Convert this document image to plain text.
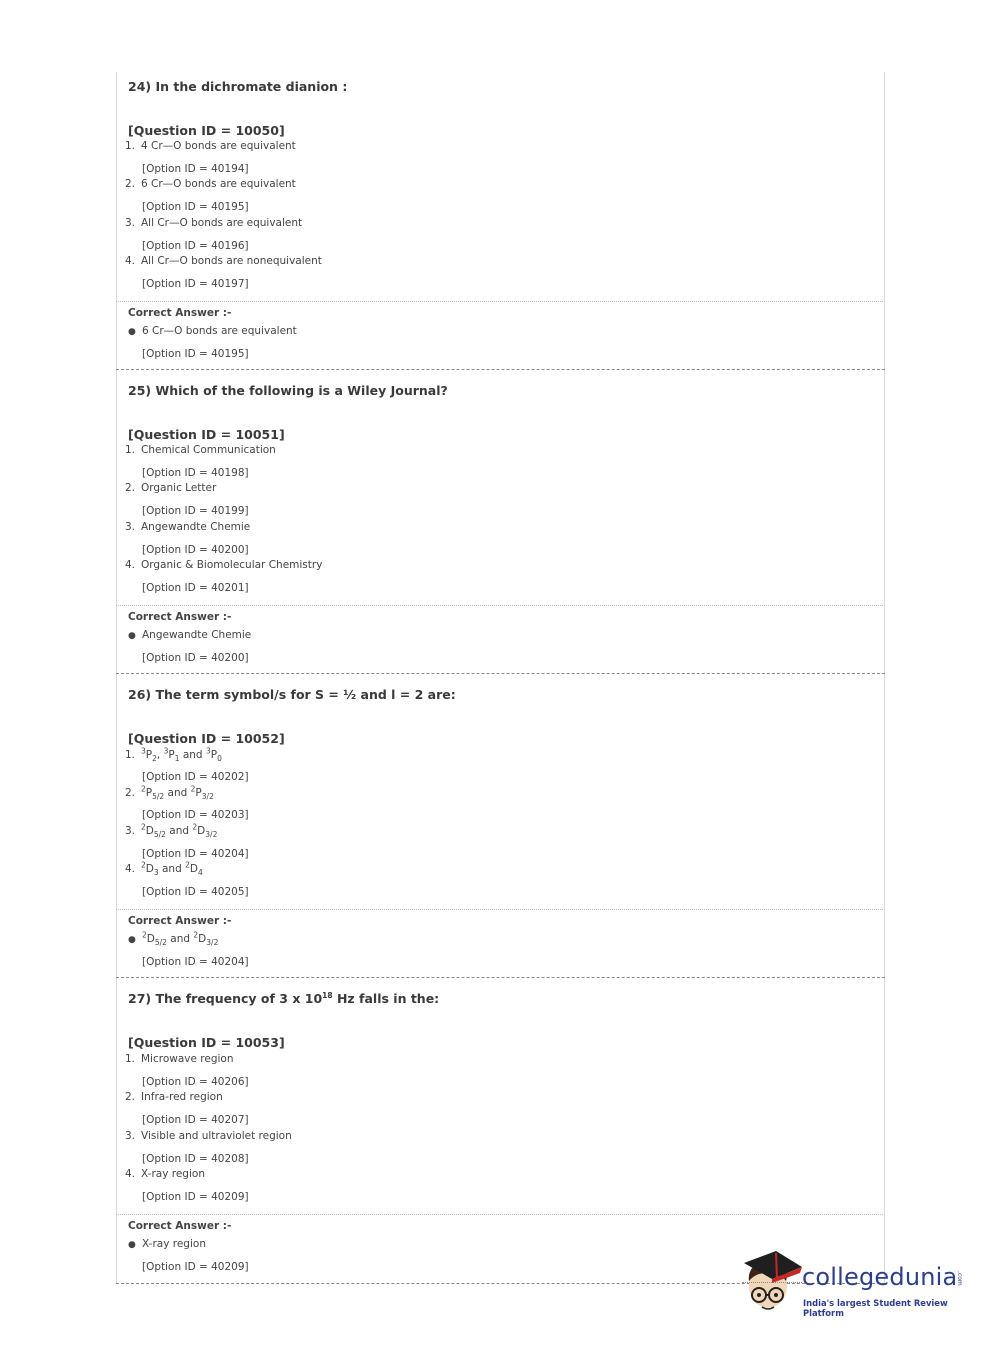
24) In the dichromate dianion :
[Question ID = 10050]
1. 4 Cr—O bonds are equivalent
[Option ID = 40194]
2. 6 Cr—O bonds are equivalent
[Option ID = 40195]
3. All Cr—O bonds are equivalent
[Option ID = 40196]
4. All Cr—O bonds are nonequivalent
[Option ID = 40197]
Correct Answer :-
● 6 Cr—O bonds are equivalent
[Option ID = 40195]
25) Which of the following is a Wiley Journal?
[Question ID = 10051]
1. Chemical Communication
[Option ID = 40198]
2. Organic Letter
[Option ID = 40199]
3. Angewandte Chemie
[Option ID = 40200]
4. Organic & Biomolecular Chemistry
[Option ID = 40201]
Correct Answer :-
● Angewandte Chemie
[Option ID = 40200]
26) The term symbol/s for S = ½ and l = 2 are:
[Question ID = 10052]
1. $^3P_2$, $^3P_1$ and $^3P_0$
[Option ID = 40202]
2. $^2P_{5/2}$ and $^2P_{3/2}$
[Option ID = 40203]
3. $^2D_{5/2}$ and $^2D_{3/2}$
[Option ID = 40204]
4. $^2D_3$ and $^2D_4$
[Option ID = 40205]
Correct Answer :-
● $^2D_{5/2}$ and $^2D_{3/2}$
[Option ID = 40204]
27) The frequency of 3 x $10^{18}$ Hz falls in the:
[Question ID = 10053]
1. Microwave region
[Option ID = 40206]
2. Infra-red region
[Option ID = 40207]
3. Visible and ultraviolet region
[Option ID = 40208]
4. X-ray region
[Option ID = 40209]
Correct Answer :-
● X-ray region
[Option ID = 40209]	collegedunia
.com
India's largest Student Review Platform
